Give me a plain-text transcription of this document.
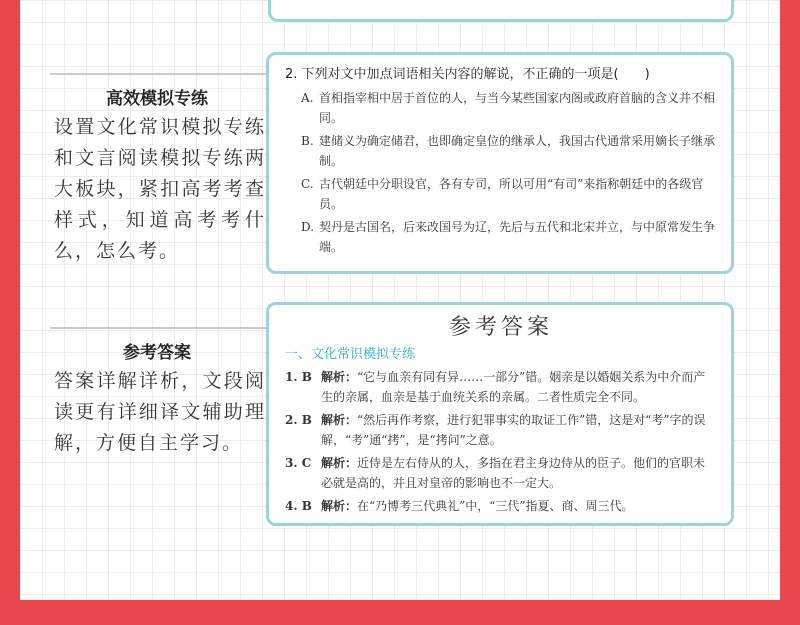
高效模拟专练
设置文化常识模拟专练和文言阅读模拟专练两大板块，紧扣高考考查样式，知道高考考什么，怎么考。
2. 下列对文中加点词语相关内容的解说，不正确的一项是(　　)
A. 首相指宰相中居于首位的人，与当今某些国家内阁或政府首脑的含义并不相同。
B. 建储义为确定储君，也即确定皇位的继承人，我国古代通常采用嫡长子继承制。
C. 古代朝廷中分职设官，各有专司，所以可用“有司”来指称朝廷中的各级官员。
D. 契丹是古国名，后来改国号为辽，先后与五代和北宋并立，与中原常发生争端。
参考答案
答案详解详析，文段阅读更有详细译文辅助理解，方便自主学习。
参考答案
一、文化常识模拟专练
1. B 解析：“它与血亲有同有异……一部分”错。姻亲是以婚姻关系为中介而产生的亲属，血亲是基于血统关系的亲属。二者性质完全不同。
2. B 解析：“然后再作考察，进行犯罪事实的取证工作”错，这是对“考”字的误解，“考”通“拷”，是“拷问”之意。
3. C 解析：近侍是左右侍从的人，多指在君主身边侍从的臣子。他们的官职未必就是高的，并且对皇帝的影响也不一定大。
4. B 解析：在“乃博考三代典礼”中，“三代”指夏、商、周三代。
